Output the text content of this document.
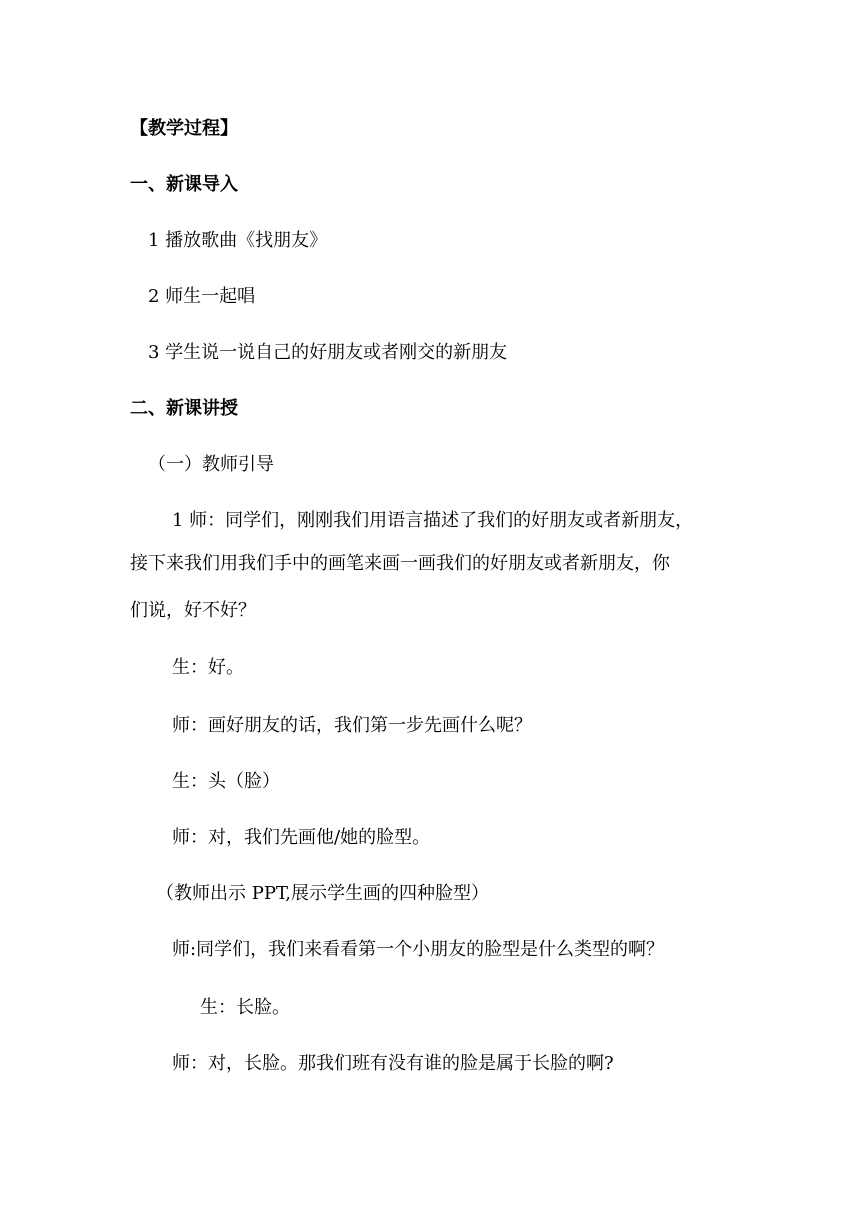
【教学过程】
一、新课导入
1 播放歌曲《找朋友》
2 师生一起唱
3 学生说一说自己的好朋友或者刚交的新朋友
二、新课讲授
（一）教师引导
1 师：同学们，刚刚我们用语言描述了我们的好朋友或者新朋友，
接下来我们用我们手中的画笔来画一画我们的好朋友或者新朋友，你
们说，好不好？
生：好。
师：画好朋友的话，我们第一步先画什么呢？
生：头（脸）
师：对，我们先画他/她的脸型。
（教师出示 PPT,展示学生画的四种脸型）
师:同学们，我们来看看第一个小朋友的脸型是什么类型的啊？
生：长脸。
师：对，长脸。那我们班有没有谁的脸是属于长脸的啊?
